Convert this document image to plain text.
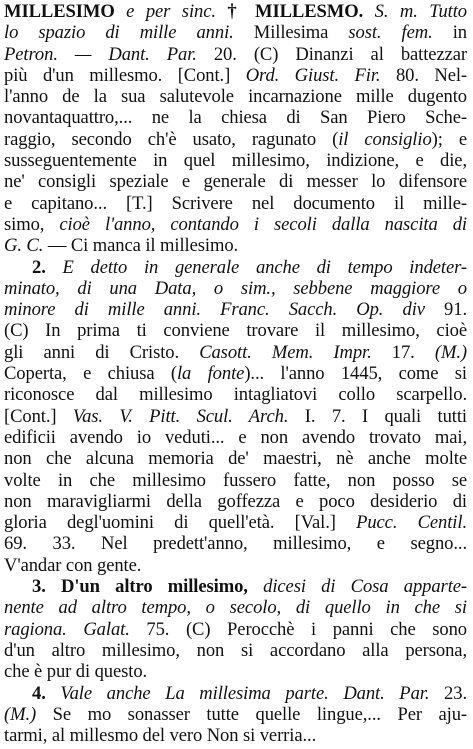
MILLESIMO e per sinc. † MILLESMO. S. m. Tutto
lo spazio di mille anni. Millesima sost. fem. in
Petron. — Dant. Par. 20. (C) Dinanzi al battezzar
più d'un millesmo. [Cont.] Ord. Giust. Fir. 80. Nel-
l'anno de la sua salutevole incarnazione mille dugento
novantaquattro,... ne la chiesa di San Piero Sche-
raggio, secondo ch'è usato, ragunato (il consiglio); e
susseguentemente in quel millesimo, indizione, e die,
ne' consigli speziale e generale di messer lo difensore
e capitano... [T.] Scrivere nel documento il mille-
simo, cioè l'anno, contando i secoli dalla nascita di
G. C. — Ci manca il millesimo.
2. E detto in generale anche di tempo indeter-
minato, di una Data, o sim., sebbene maggiore o
minore di mille anni. Franc. Sacch. Op. div 91.
(C) In prima ti conviene trovare il millesimo, cioè
gli anni di Cristo. Casott. Mem. Impr. 17. (M.)
Coperta, e chiusa (la fonte)... l'anno 1445, come si
riconosce dal millesimo intagliatovi collo scarpello.
[Cont.] Vas. V. Pitt. Scul. Arch. I. 7. I quali tutti
edificii avendo io veduti... e non avendo trovato mai,
non che alcuna memoria de' maestri, nè anche molte
volte in che millesimo fussero fatte, non posso se
non maravigliarmi della goffezza e poco desiderio di
gloria degl'uomini di quell'età. [Val.] Pucc. Centil.
69. 33. Nel predett'anno, millesimo, e segno...
V'andar con gente.
3. D'un altro millesimo, dicesi di Cosa apparte-
nente ad altro tempo, o secolo, di quello in che si
ragiona. Galat. 75. (C) Perocchè i panni che sono
d'un altro millesimo, non si accordano alla persona,
che è pur di questo.
4. Vale anche La millesima parte. Dant. Par. 23.
(M.) Se mo sonasser tutte quelle lingue,... Per aju-
tarmi, al millesmo del vero Non si verria...
